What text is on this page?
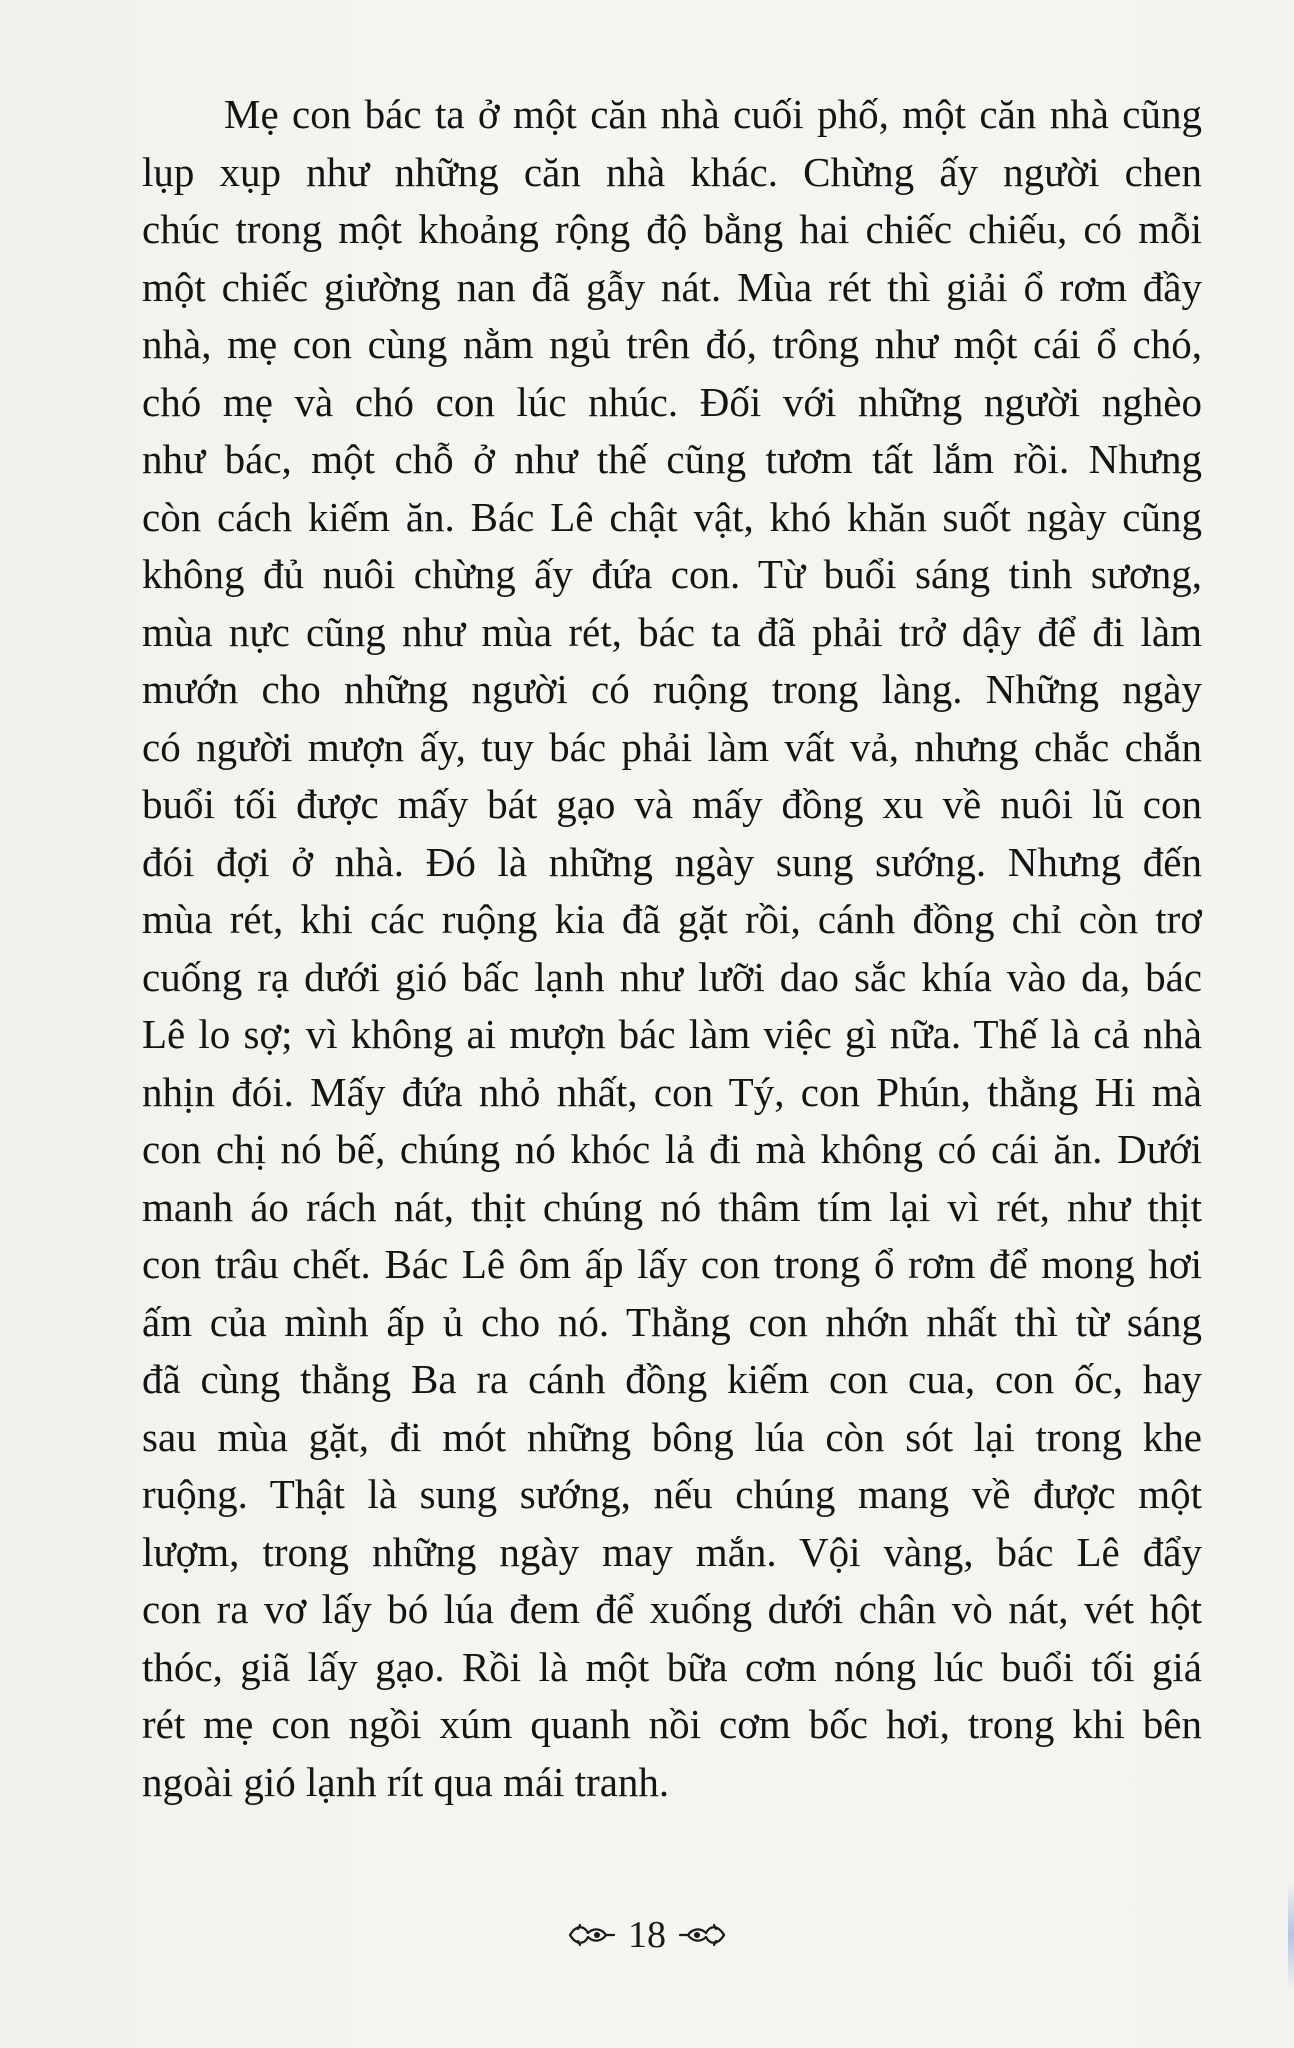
Mẹ con bác ta ở một căn nhà cuối phố, một căn nhà cũng
lụp xụp như những căn nhà khác. Chừng ấy người chen
chúc trong một khoảng rộng độ bằng hai chiếc chiếu, có mỗi
một chiếc giường nan đã gẫy nát. Mùa rét thì giải ổ rơm đầy
nhà, mẹ con cùng nằm ngủ trên đó, trông như một cái ổ chó,
chó mẹ và chó con lúc nhúc. Đối với những người nghèo
như bác, một chỗ ở như thế cũng tươm tất lắm rồi. Nhưng
còn cách kiếm ăn. Bác Lê chật vật, khó khăn suốt ngày cũng
không đủ nuôi chừng ấy đứa con. Từ buổi sáng tinh sương,
mùa nực cũng như mùa rét, bác ta đã phải trở dậy để đi làm
mướn cho những người có ruộng trong làng. Những ngày
có người mượn ấy, tuy bác phải làm vất vả, nhưng chắc chắn
buổi tối được mấy bát gạo và mấy đồng xu về nuôi lũ con
đói đợi ở nhà. Đó là những ngày sung sướng. Nhưng đến
mùa rét, khi các ruộng kia đã gặt rồi, cánh đồng chỉ còn trơ
cuống rạ dưới gió bấc lạnh như lưỡi dao sắc khía vào da, bác
Lê lo sợ; vì không ai mượn bác làm việc gì nữa. Thế là cả nhà
nhịn đói. Mấy đứa nhỏ nhất, con Tý, con Phún, thằng Hi mà
con chị nó bế, chúng nó khóc lả đi mà không có cái ăn. Dưới
manh áo rách nát, thịt chúng nó thâm tím lại vì rét, như thịt
con trâu chết. Bác Lê ôm ấp lấy con trong ổ rơm để mong hơi
ấm của mình ấp ủ cho nó. Thằng con nhớn nhất thì từ sáng
đã cùng thằng Ba ra cánh đồng kiếm con cua, con ốc, hay
sau mùa gặt, đi mót những bông lúa còn sót lại trong khe
ruộng. Thật là sung sướng, nếu chúng mang về được một
lượm, trong những ngày may mắn. Vội vàng, bác Lê đẩy
con ra vơ lấy bó lúa đem để xuống dưới chân vò nát, vét hột
thóc, giã lấy gạo. Rồi là một bữa cơm nóng lúc buổi tối giá
rét mẹ con ngồi xúm quanh nồi cơm bốc hơi, trong khi bên
ngoài gió lạnh rít qua mái tranh.
18
